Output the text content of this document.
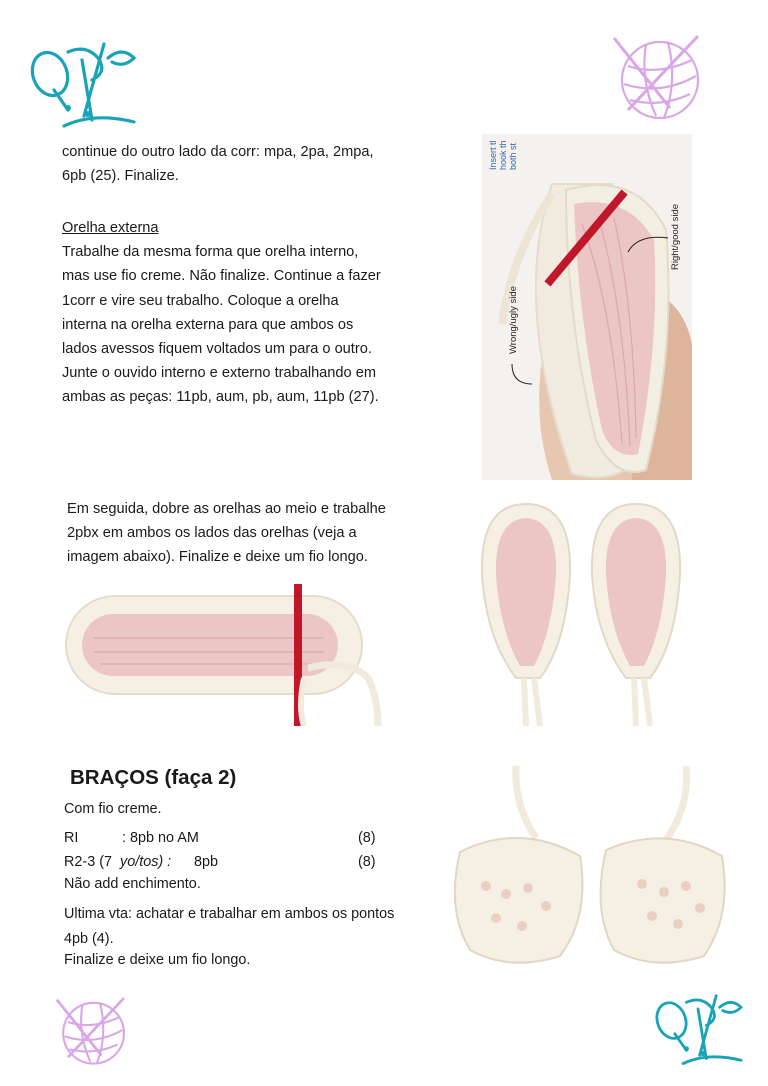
continue do outro lado da corr: mpa, 2pa, 2mpa,
6pb (25). Finalize.
Orelha externa
Trabalhe da mesma forma que orelha interno,
mas use fio creme. Não finalize. Continue a fazer
1corr e vire seu trabalho. Coloque a orelha
interna na orelha externa para que ambos os
lados avessos fiquem voltados um para o outro.
Junte o ouvido interno e externo trabalhando em
ambas as peças: 11pb, aum, pb, aum, 11pb (27).
Insert tl hook th both st
Right/good side
Wrong/ugly side
Em seguida, dobre as orelhas ao meio e trabalhe
2pbx em ambos os lados das orelhas (veja a
imagem abaixo). Finalize e deixe um fio longo.
BRAÇOS (faça 2)
Com fio creme.
RI	: 8pb no AM	(8)
R2-3 (7 yo/tos) : 8pb	(8)
Não add enchimento.
Ultima vta: achatar e trabalhar em ambos os pontos
4pb (4).
Finalize e deixe um fio longo.
